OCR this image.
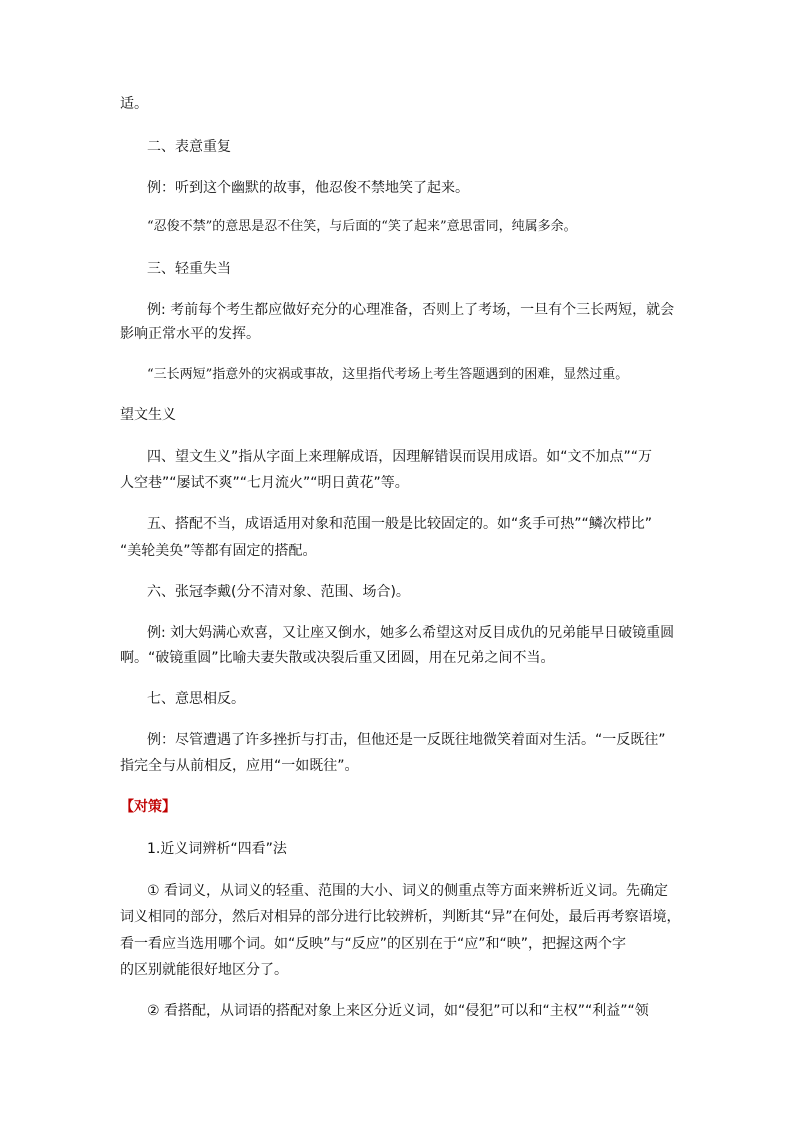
适。
二、表意重复
例：听到这个幽默的故事，他忍俊不禁地笑了起来。
“忍俊不禁”的意思是忍不住笑，与后面的“笑了起来”意思雷同，纯属多余。
三、轻重失当
例: 考前每个考生都应做好充分的心理准备，否则上了考场，一旦有个三长两短，就会
影响正常水平的发挥。
“三长两短”指意外的灾祸或事故，这里指代考场上考生答题遇到的困难，显然过重。
望文生义
四、望文生义”指从字面上来理解成语，因理解错误而误用成语。如“文不加点”“万
人空巷”“屡试不爽”“七月流火”“明日黄花”等。
五、搭配不当，成语适用对象和范围一般是比较固定的。如“炙手可热”“鳞次栉比”
“美轮美奂”等都有固定的搭配。
六、张冠李戴(分不清对象、范围、场合)。
例: 刘大妈满心欢喜，又让座又倒水，她多么希望这对反目成仇的兄弟能早日破镜重圆
啊。“破镜重圆”比喻夫妻失散或决裂后重又团圆，用在兄弟之间不当。
七、意思相反。
例：尽管遭遇了许多挫折与打击，但他还是一反既往地微笑着面对生活。“一反既往”
指完全与从前相反，应用“一如既往”。
【对策】
1.近义词辨析“四看”法
① 看词义，从词义的轻重、范围的大小、词义的侧重点等方面来辨析近义词。先确定
词义相同的部分，然后对相异的部分进行比较辨析，判断其“异”在何处，最后再考察语境，
看一看应当选用哪个词。如“反映”与“反应”的区别在于“应”和“映”，把握这两个字
的区别就能很好地区分了。
② 看搭配，从词语的搭配对象上来区分近义词，如“侵犯”可以和“主权”“利益”“领
